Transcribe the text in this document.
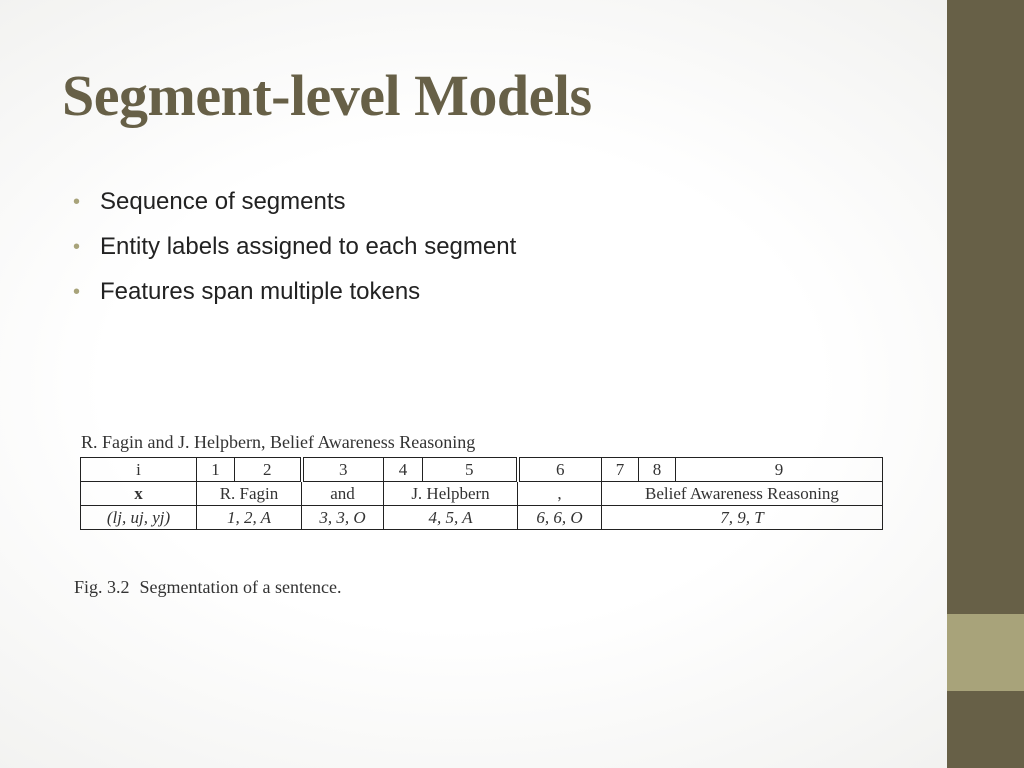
Segment-level Models
• Sequence of segments
• Entity labels assigned to each segment
• Features span multiple tokens
R. Fagin and J. Helpbern, Belief Awareness Reasoning
i	1	2	3	4	5	6	7	8	9
x	R. Fagin		and	J. Helpbern		,	Belief Awareness Reasoning		
(lj, uj, yj)	1, 2, A		3, 3, O	4, 5, A		6, 6, O	7, 9, T		
Fig. 3.2 Segmentation of a sentence.
